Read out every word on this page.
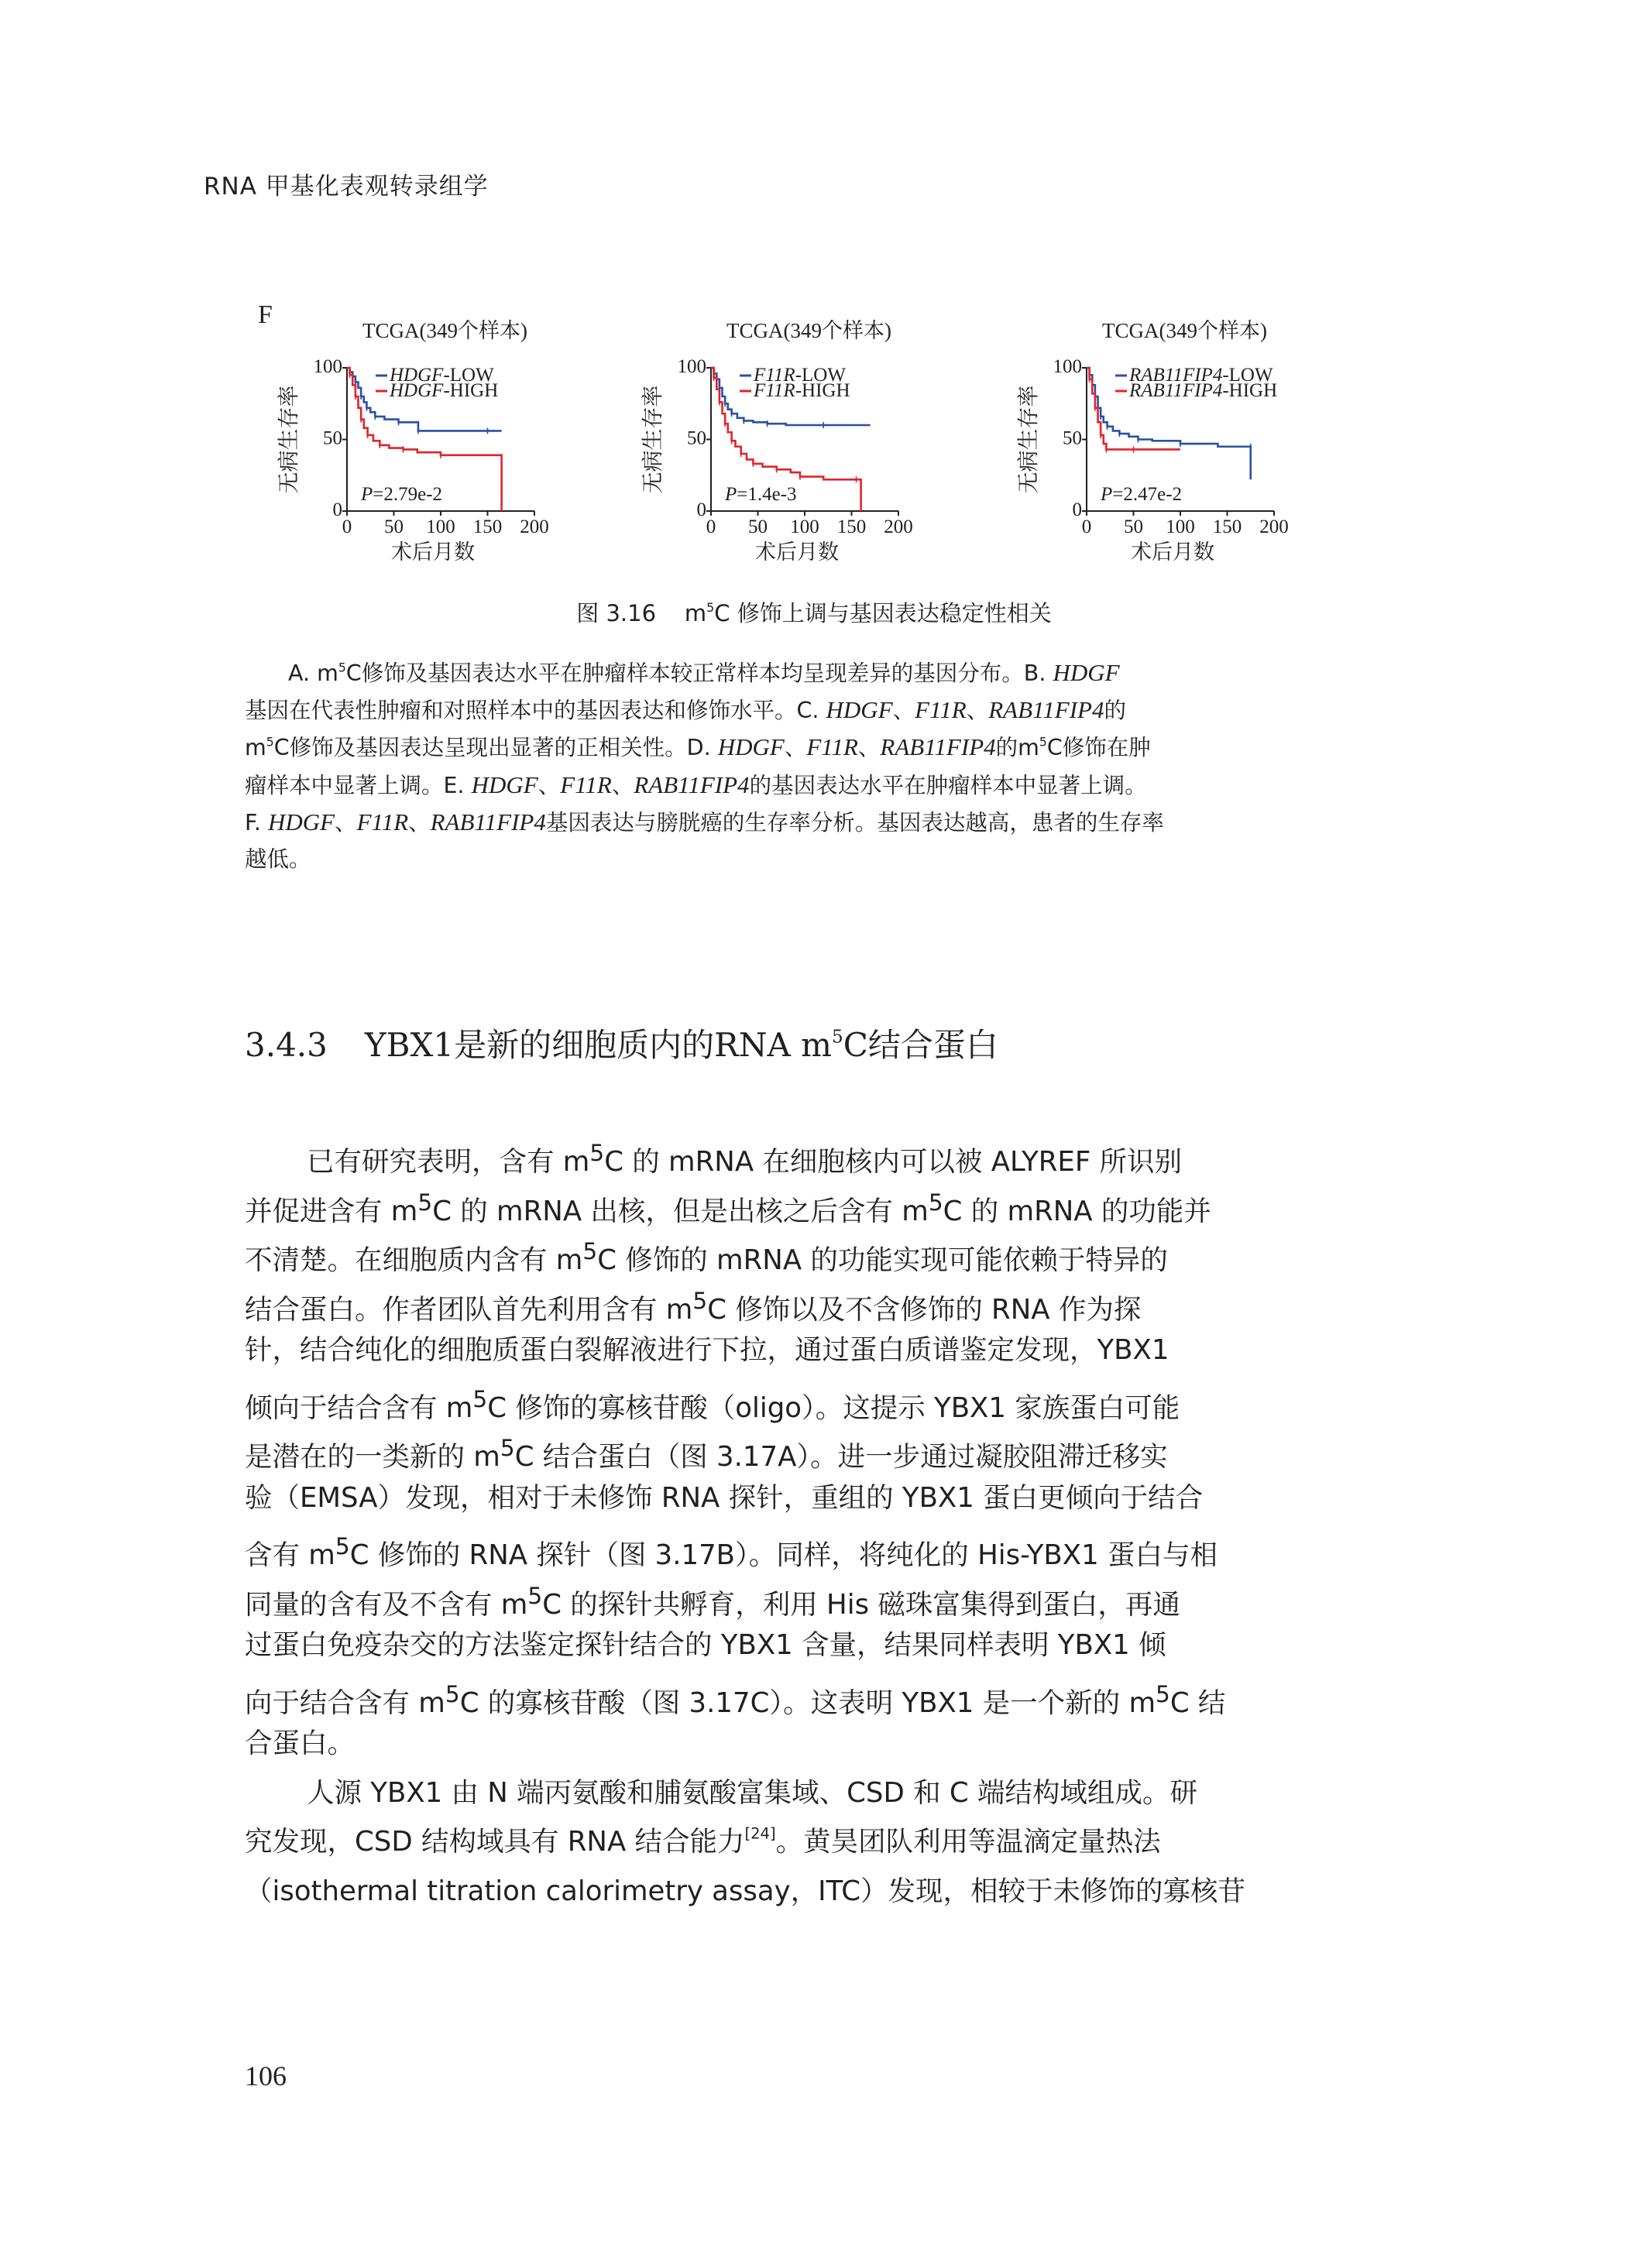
RNA 甲基化表观转录组学
F
TCGA(349个样本)
无病生存率
术后月数
0 50 100 150 200
0
50
100 HDGF-LOW
HDGF-HIGH
P=2.79e-2
TCGA(349个样本)
无病生存率
术后月数
0 50 100 150 200
0
50
100 F11R-LOW
F11R-HIGH
P=1.4e-3
TCGA(349个样本)
无病生存率
术后月数
0 50 100 150 200
0
50
100 RAB11FIP4-LOW
RAB11FIP4-HIGH
P=2.47e-2
图 3.16 $m^5C$ 修饰上调与基因表达稳定性相关
A. $m^5C$修饰及基因表达水平在肿瘤样本较正常样本均呈现差异的基因分布。B. HDGF
基因在代表性肿瘤和对照样本中的基因表达和修饰水平。C. HDGF、F11R、RAB11FIP4的
$m^5C$修饰及基因表达呈现出显著的正相关性。D. HDGF、F11R、RAB11FIP4的$m^5C$修饰在肿
瘤样本中显著上调。E. HDGF、F11R、RAB11FIP4的基因表达水平在肿瘤样本中显著上调。
F. HDGF、F11R、RAB11FIP4基因表达与膀胱癌的生存率分析。基因表达越高，患者的生存率
越低。
3.4.3 YBX1是新的细胞质内的RNA $m^5C$结合蛋白
已有研究表明，含有 $m^5C$ 的 mRNA 在细胞核内可以被 ALYREF 所识别
并促进含有 $m^5C$ 的 mRNA 出核，但是出核之后含有 $m^5C$ 的 mRNA 的功能并
不清楚。在细胞质内含有 $m^5C$ 修饰的 mRNA 的功能实现可能依赖于特异的
结合蛋白。作者团队首先利用含有 $m^5C$ 修饰以及不含修饰的 RNA 作为探
针，结合纯化的细胞质蛋白裂解液进行下拉，通过蛋白质谱鉴定发现，YBX1
倾向于结合含有 $m^5C$ 修饰的寡核苷酸（oligo）。这提示 YBX1 家族蛋白可能
是潜在的一类新的 $m^5C$ 结合蛋白（图 3.17A）。进一步通过凝胶阻滞迁移实
验（EMSA）发现，相对于未修饰 RNA 探针，重组的 YBX1 蛋白更倾向于结合
含有 $m^5C$ 修饰的 RNA 探针（图 3.17B）。同样，将纯化的 His-YBX1 蛋白与相
同量的含有及不含有 $m^5C$ 的探针共孵育，利用 His 磁珠富集得到蛋白，再通
过蛋白免疫杂交的方法鉴定探针结合的 YBX1 含量，结果同样表明 YBX1 倾
向于结合含有 $m^5C$ 的寡核苷酸（图 3.17C）。这表明 YBX1 是一个新的 $m^5C$ 结
合蛋白。
人源 YBX1 由 N 端丙氨酸和脯氨酸富集域、CSD 和 C 端结构域组成。研
究发现，CSD 结构域具有 RNA 结合能力[24]。黄昊团队利用等温滴定量热法
（isothermal titration calorimetry assay，ITC）发现，相较于未修饰的寡核苷
106
